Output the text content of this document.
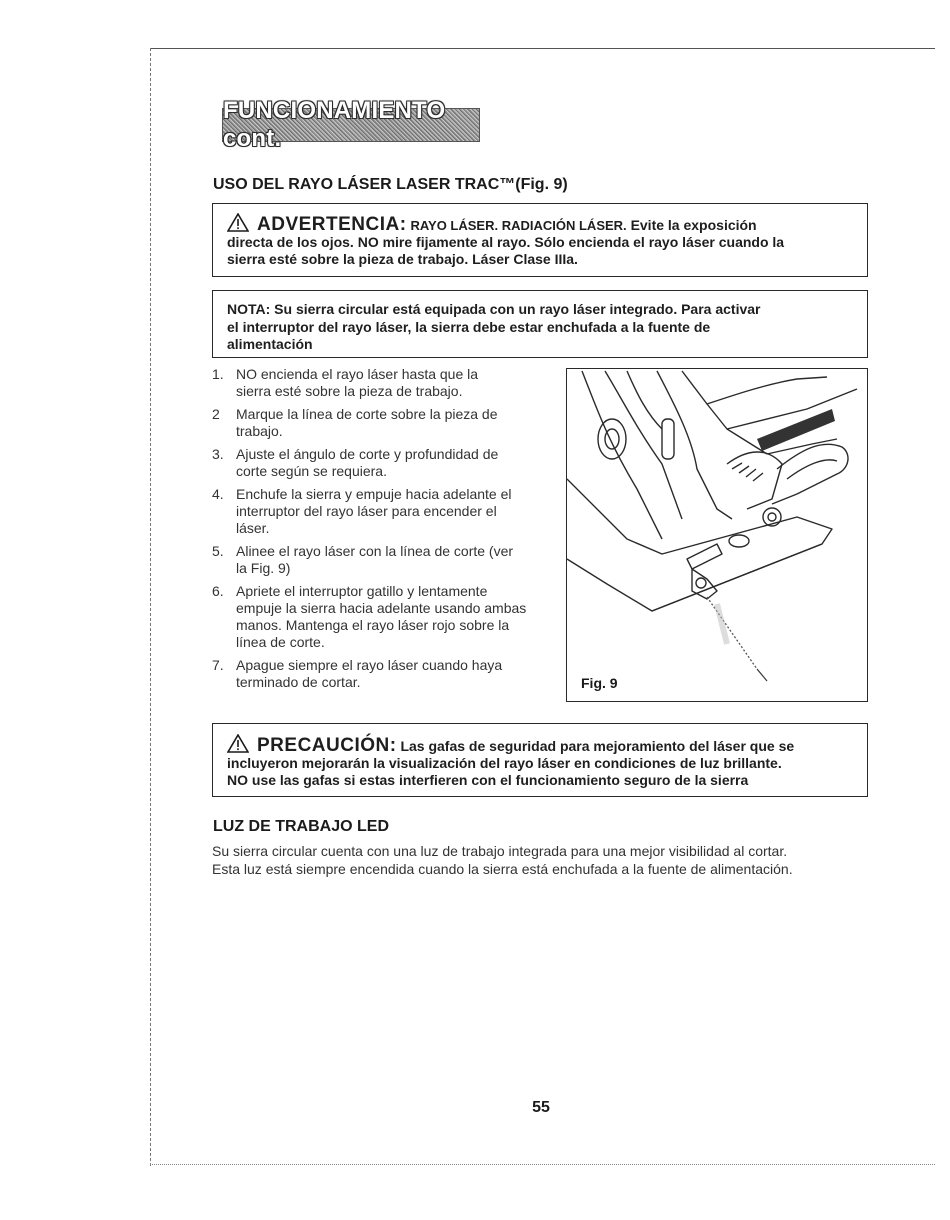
FUNCIONAMIENTO cont.
USO DEL RAYO LÁSER LASER TRAC™(Fig. 9)
ADVERTENCIA: RAYO LÁSER. RADIACIÓN LÁSER. Evite la exposición
directa de los ojos. NO mire fijamente al rayo. Sólo encienda el rayo láser cuando la
sierra esté sobre la pieza de trabajo. Láser Clase IIIa.
NOTA: Su sierra circular está equipada con un rayo láser integrado. Para activar
el interruptor del rayo láser, la sierra debe estar enchufada a la fuente de
alimentación
1. NO encienda el rayo láser hasta que la sierra esté sobre la pieza de trabajo.
2	Marque la línea de corte sobre la pieza de trabajo.
3. Ajuste el ángulo de corte y profundidad de corte según se requiera.
4. Enchufe la sierra y empuje hacia adelante el interruptor del rayo láser para encender el láser.
5. Alinee el rayo láser con la línea de corte (ver la Fig. 9)
6. Apriete el interruptor gatillo y lentamente empuje la sierra hacia adelante usando ambas manos. Mantenga el rayo láser rojo sobre la línea de corte.
7. Apague siempre el rayo láser cuando haya terminado de cortar.	Fig. 9
PRECAUCIÓN: Las gafas de seguridad para mejoramiento del láser que se
incluyeron mejorarán la visualización del rayo láser en condiciones de luz brillante.
NO use las gafas si estas interfieren con el funcionamiento seguro de la sierra
LUZ DE TRABAJO LED
Su sierra circular cuenta con una luz de trabajo integrada para una mejor visibilidad al cortar.
Esta luz está siempre encendida cuando la sierra está enchufada a la fuente de alimentación.
55
